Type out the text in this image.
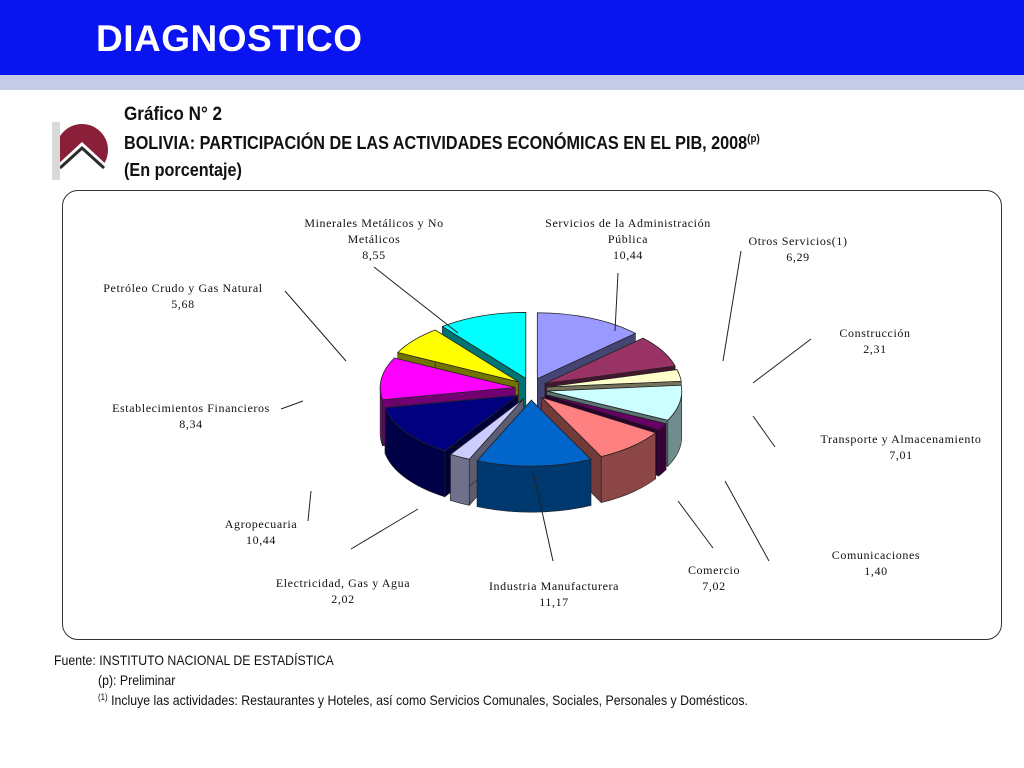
DIAGNOSTICO
Gráfico N° 2
BOLIVIA: PARTICIPACIÓN DE LAS ACTIVIDADES ECONÓMICAS EN EL PIB, 2008$^{(p)}$
(En porcentaje)
Servicios de la Administración Pública 10,44
Otros Servicios(1) 6,29
Construcción 2,31
Transporte y Almacenamiento 7,01
Comunicaciones 1,40
Comercio 7,02
Industria Manufacturera 11,17
Electricidad, Gas y Agua 2,02
Agropecuaria 10,44
Establecimientos Financieros 8,34
Petróleo Crudo y Gas Natural 5,68
Minerales Metálicos y No Metálicos 8,55
Fuente: INSTITUTO NACIONAL DE ESTADÍSTICA
(p): Preliminar
$^{(1)}$ Incluye las actividades: Restaurantes y Hoteles, así como Servicios Comunales, Sociales, Personales y Domésticos.
